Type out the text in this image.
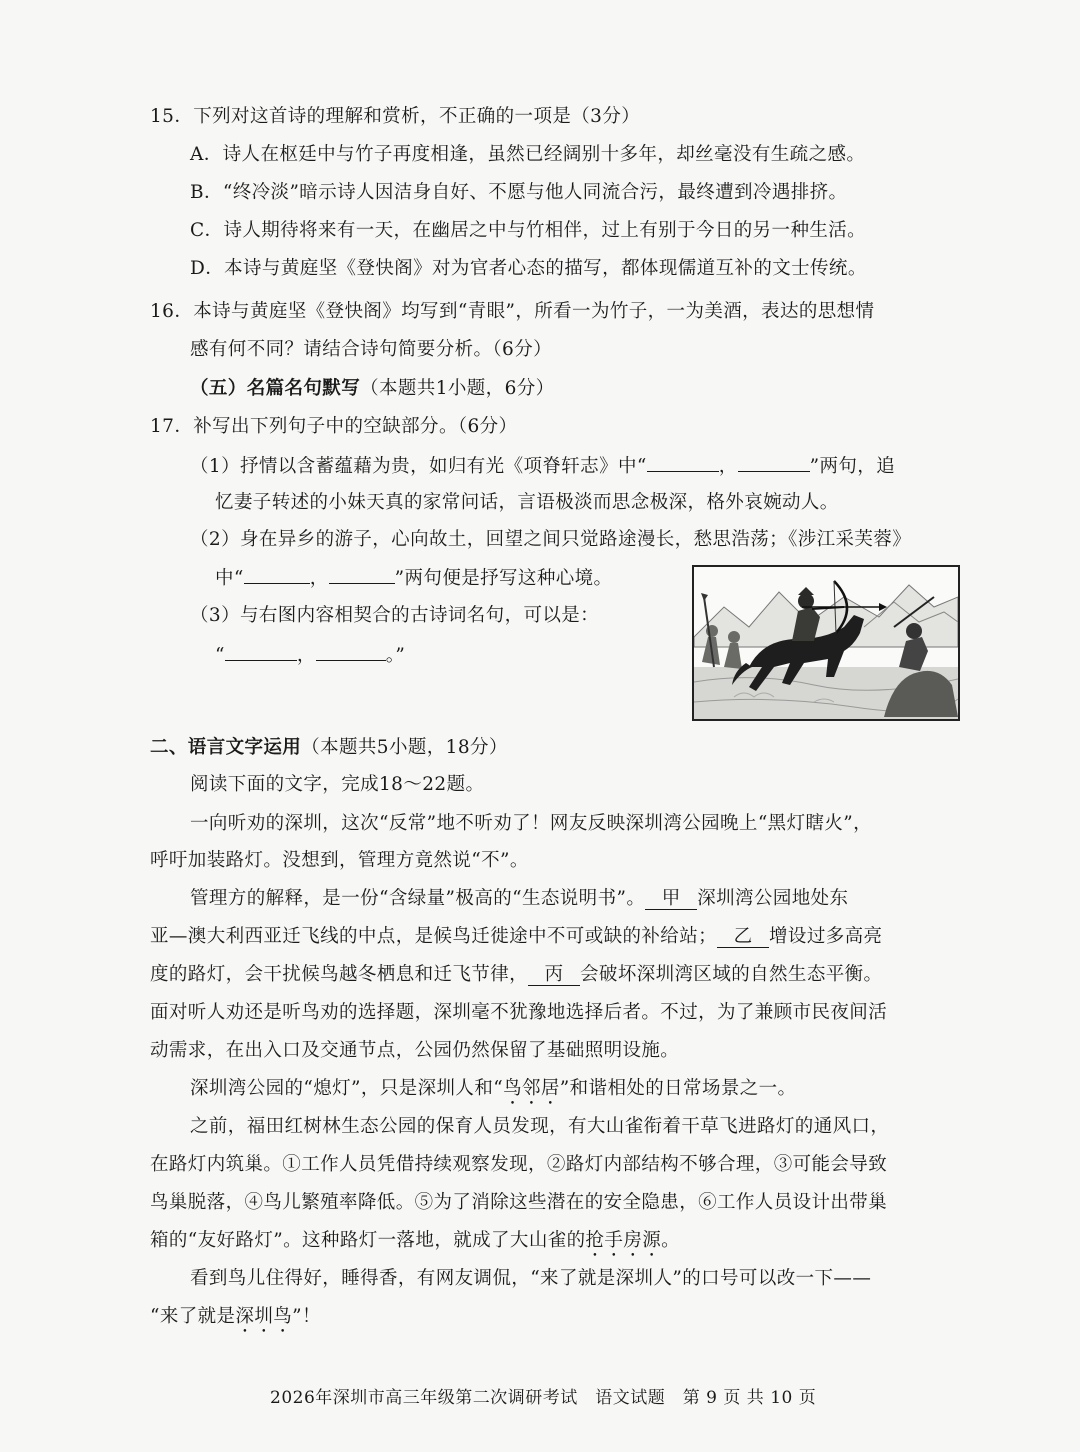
15．下列对这首诗的理解和赏析，不正确的一项是（3分）
A．诗人在枢廷中与竹子再度相逢，虽然已经阔别十多年，却丝毫没有生疏之感。
B．“终冷淡”暗示诗人因洁身自好、不愿与他人同流合污，最终遭到冷遇排挤。
C．诗人期待将来有一天，在幽居之中与竹相伴，过上有别于今日的另一种生活。
D．本诗与黄庭坚《登快阁》对为官者心态的描写，都体现儒道互补的文士传统。
16．本诗与黄庭坚《登快阁》均写到“青眼”，所看一为竹子，一为美酒，表达的思想情
感有何不同？请结合诗句简要分析。（6分）
（五）名篇名句默写（本题共1小题，6分）
17．补写出下列句子中的空缺部分。（6分）
（1）抒情以含蓄蕴藉为贵，如归有光《项脊轩志》中“	，	”两句，追
忆妻子转述的小妹天真的家常问话，言语极淡而思念极深，格外哀婉动人。
（2）身在异乡的游子，心向故土，回望之间只觉路途漫长，愁思浩荡；《涉江采芙蓉》
中“	，	”两句便是抒写这种心境。
（3）与右图内容相契合的古诗词名句，可以是：
“	，	。”
二、语言文字运用（本题共5小题，18分）
阅读下面的文字，完成18～22题。
一向听劝的深圳，这次“反常”地不听劝了！网友反映深圳湾公园晚上“黑灯瞎火”，
呼吁加装路灯。没想到，管理方竟然说“不”。
管理方的解释，是一份“含绿量”极高的“生态说明书”。 甲 深圳湾公园地处东
亚—澳大利西亚迁飞线的中点，是候鸟迁徙途中不可或缺的补给站； 乙 增设过多高亮
度的路灯，会干扰候鸟越冬栖息和迁飞节律， 丙 会破坏深圳湾区域的自然生态平衡。
面对听人劝还是听鸟劝的选择题，深圳毫不犹豫地选择后者。不过，为了兼顾市民夜间活
动需求，在出入口及交通节点，公园仍然保留了基础照明设施。
深圳湾公园的“熄灯”，只是深圳人和“鸟邻居”和谐相处的日常场景之一。
之前，福田红树林生态公园的保育人员发现，有大山雀衔着干草飞进路灯的通风口，
在路灯内筑巢。①工作人员凭借持续观察发现，②路灯内部结构不够合理，③可能会导致
鸟巢脱落，④鸟儿繁殖率降低。⑤为了消除这些潜在的安全隐患，⑥工作人员设计出带巢
箱的“友好路灯”。这种路灯一落地，就成了大山雀的抢手房源。
看到鸟儿住得好，睡得香，有网友调侃，“来了就是深圳人”的口号可以改一下——
“来了就是深圳鸟”！
2026年深圳市高三年级第二次调研考试　语文试题　第 9 页 共 10 页
